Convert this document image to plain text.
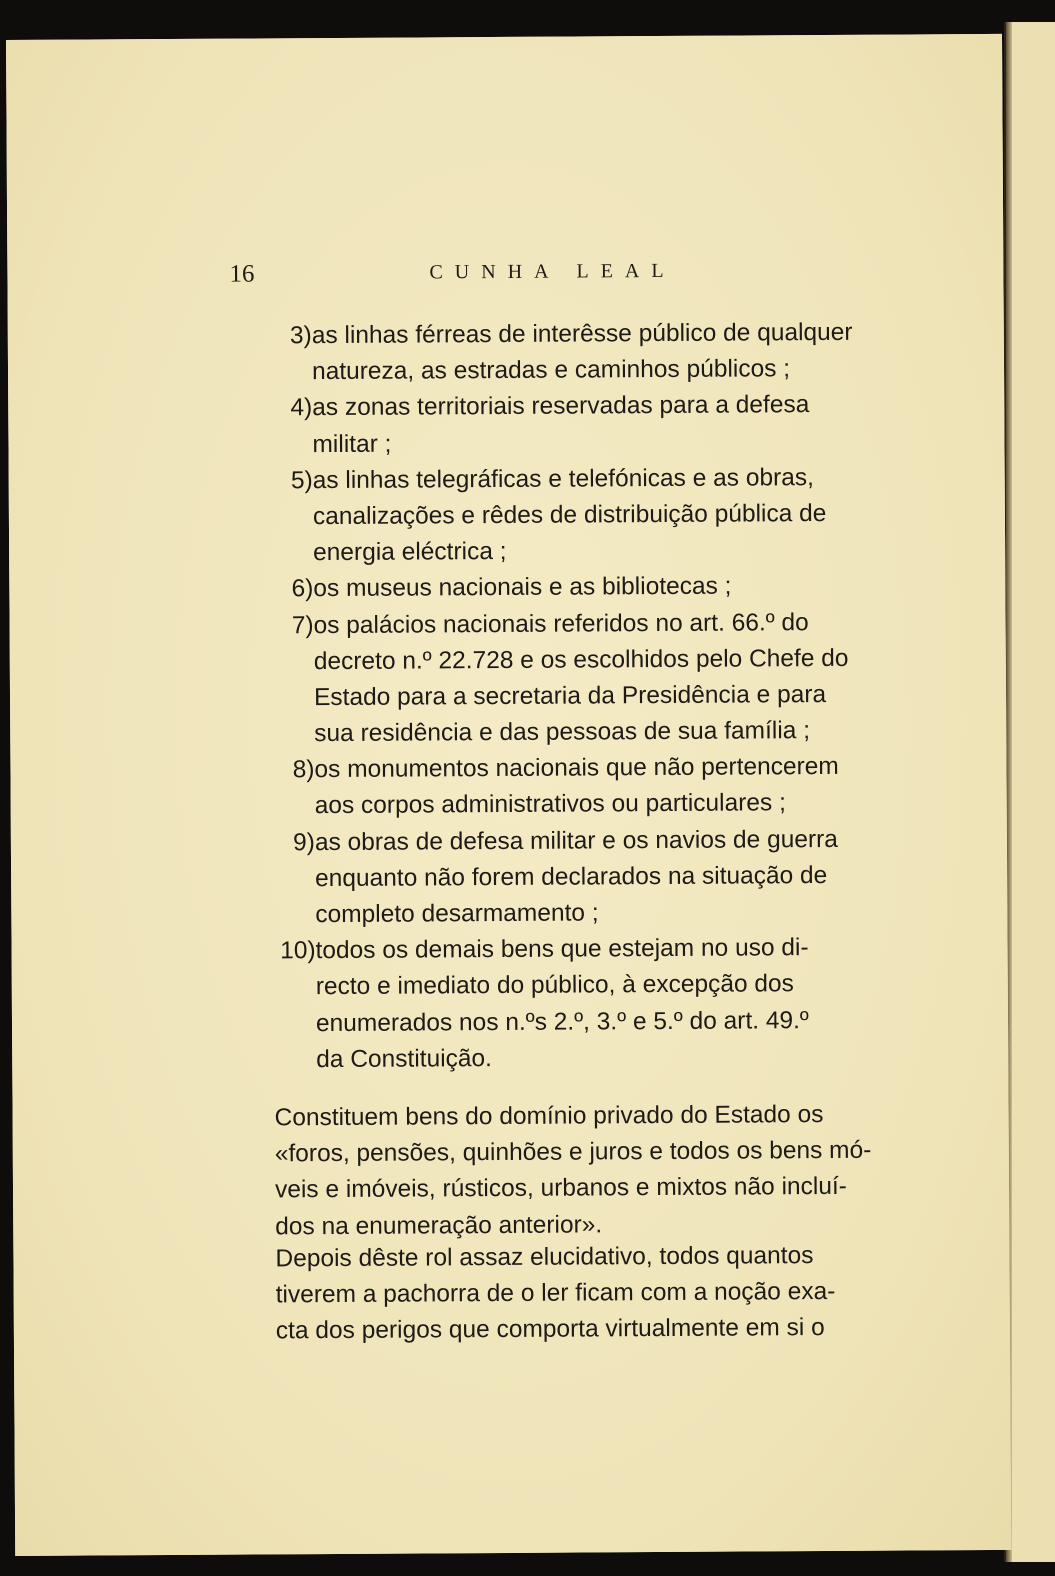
16	CUNHA LEAL
3) as linhas férreas de interêsse público de qualquer
natureza, as estradas e caminhos públicos ;
4) as zonas territoriais reservadas para a defesa
militar ;
5) as linhas telegráficas e telefónicas e as obras,
canalizações e rêdes de distribuição pública de
energia eléctrica ;
6) os museus nacionais e as bibliotecas ;
7) os palácios nacionais referidos no art. 66.º do
decreto n.º 22.728 e os escolhidos pelo Chefe do
Estado para a secretaria da Presidência e para
sua residência e das pessoas de sua família ;
8) os monumentos nacionais que não pertencerem
aos corpos administrativos ou particulares ;
9) as obras de defesa militar e os navios de guerra
enquanto não forem declarados na situação de
completo desarmamento ;
10) todos os demais bens que estejam no uso di-
recto e imediato do público, à excepção dos
enumerados nos n.ºs 2.º, 3.º e 5.º do art. 49.º
da Constituição.
Constituem bens do domínio privado do Estado os
«foros, pensões, quinhões e juros e todos os bens mó-
veis e imóveis, rústicos, urbanos e mixtos não incluí-
dos na enumeração anterior».
Depois dêste rol assaz elucidativo, todos quantos
tiverem a pachorra de o ler ficam com a noção exa-
cta dos perigos que comporta virtualmente em si o
